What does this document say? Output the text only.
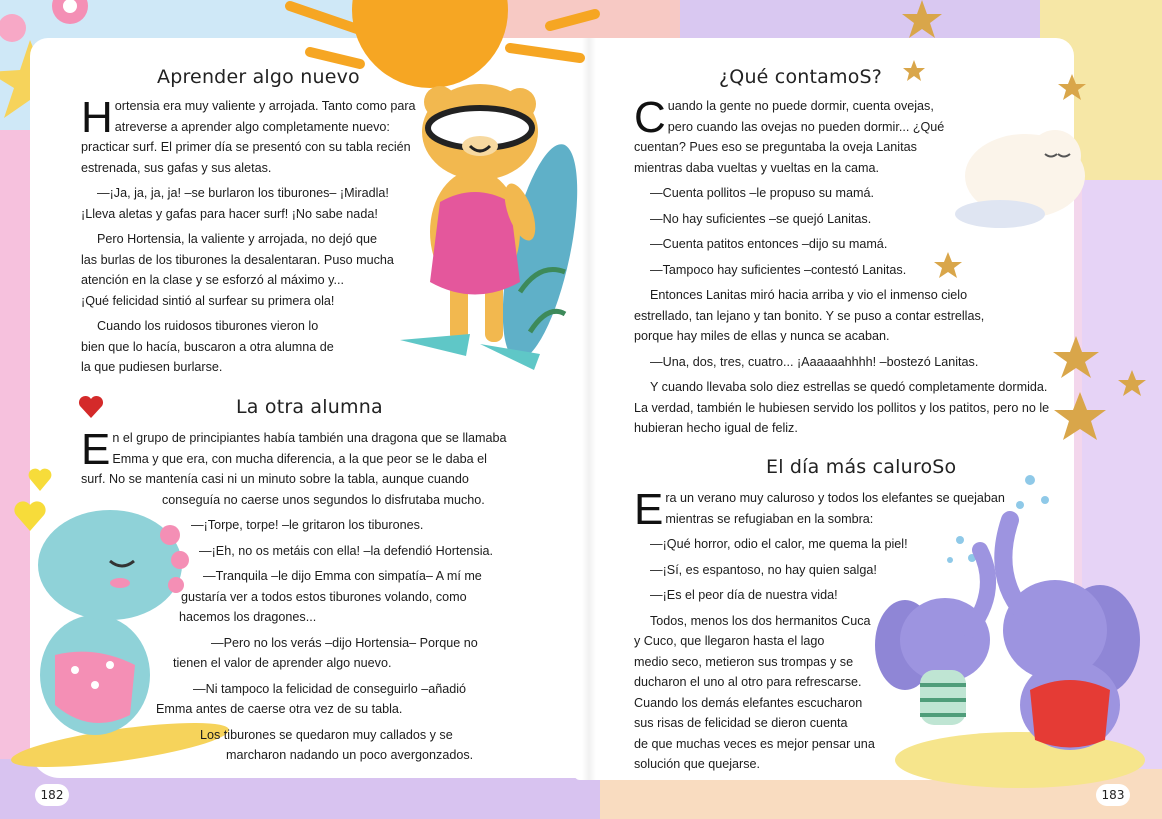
Aprender algo nuevo
H ortensia era muy valiente y arrojada. Tanto como para

atreverse a aprender algo completamente nuevo:

practicar surf. El primer día se presentó con su tabla recién

estrenada, sus gafas y sus aletas.

—¡Ja, ja, ja, ja! –se burlaron los tiburones– ¡Miradla!

¡Lleva aletas y gafas para hacer surf! ¡No sabe nada!

Pero Hortensia, la valiente y arrojada, no dejó que

las burlas de los tiburones la desalentaran. Puso mucha

atención en la clase y se esforzó al máximo y...

¡Qué felicidad sintió al surfear su primera ola!

Cuando los ruidosos tiburones vieron lo

bien que lo hacía, buscaron a otra alumna de

la que pudiesen burlarse.

La otra alumna
E n el grupo de principiantes había también una dragona que se llamaba

Emma y que era, con mucha diferencia, a la que peor se le daba el

surf. No se mantenía casi ni un minuto sobre la tabla, aunque cuando

conseguía no caerse unos segundos lo disfrutaba mucho.

—¡Torpe, torpe! –le gritaron los tiburones.

—¡Eh, no os metáis con ella! –la defendió Hortensia.

—Tranquila –le dijo Emma con simpatía– A mí me

gustaría ver a todos estos tiburones volando, como

hacemos los dragones...

—Pero no los verás –dijo Hortensia– Porque no

tienen el valor de aprender algo nuevo.

—Ni tampoco la felicidad de conseguirlo –añadió

Emma antes de caerse otra vez de su tabla.

Los tiburones se quedaron muy callados y se

marcharon nadando un poco avergonzados.

182
¿Qué contamoS?
C uando la gente no puede dormir, cuenta ovejas,

pero cuando las ovejas no pueden dormir... ¿Qué

cuentan? Pues eso se preguntaba la oveja Lanitas

mientras daba vueltas y vueltas en la cama.

—Cuenta pollitos –le propuso su mamá.

—No hay suficientes –se quejó Lanitas.

—Cuenta patitos entonces –dijo su mamá.

—Tampoco hay suficientes –contestó Lanitas.

Entonces Lanitas miró hacia arriba y vio el inmenso cielo

estrellado, tan lejano y tan bonito. Y se puso a contar estrellas,

porque hay miles de ellas y nunca se acaban.

—Una, dos, tres, cuatro... ¡Aaaaaahhhh! –bostezó Lanitas.

Y cuando llevaba solo diez estrellas se quedó completamente dormida.

La verdad, también le hubiesen servido los pollitos y los patitos, pero no le

hubieran hecho igual de feliz.

El día más caluroSo
E ra un verano muy caluroso y todos los elefantes se quejaban

mientras se refugiaban en la sombra:

—¡Qué horror, odio el calor, me quema la piel!

—¡Sí, es espantoso, no hay quien salga!

—¡Es el peor día de nuestra vida!

Todos, menos los dos hermanitos Cuca

y Cuco, que llegaron hasta el lago

medio seco, metieron sus trompas y se

ducharon el uno al otro para refrescarse.

Cuando los demás elefantes escucharon

sus risas de felicidad se dieron cuenta

de que muchas veces es mejor pensar una

solución que quejarse.

183
